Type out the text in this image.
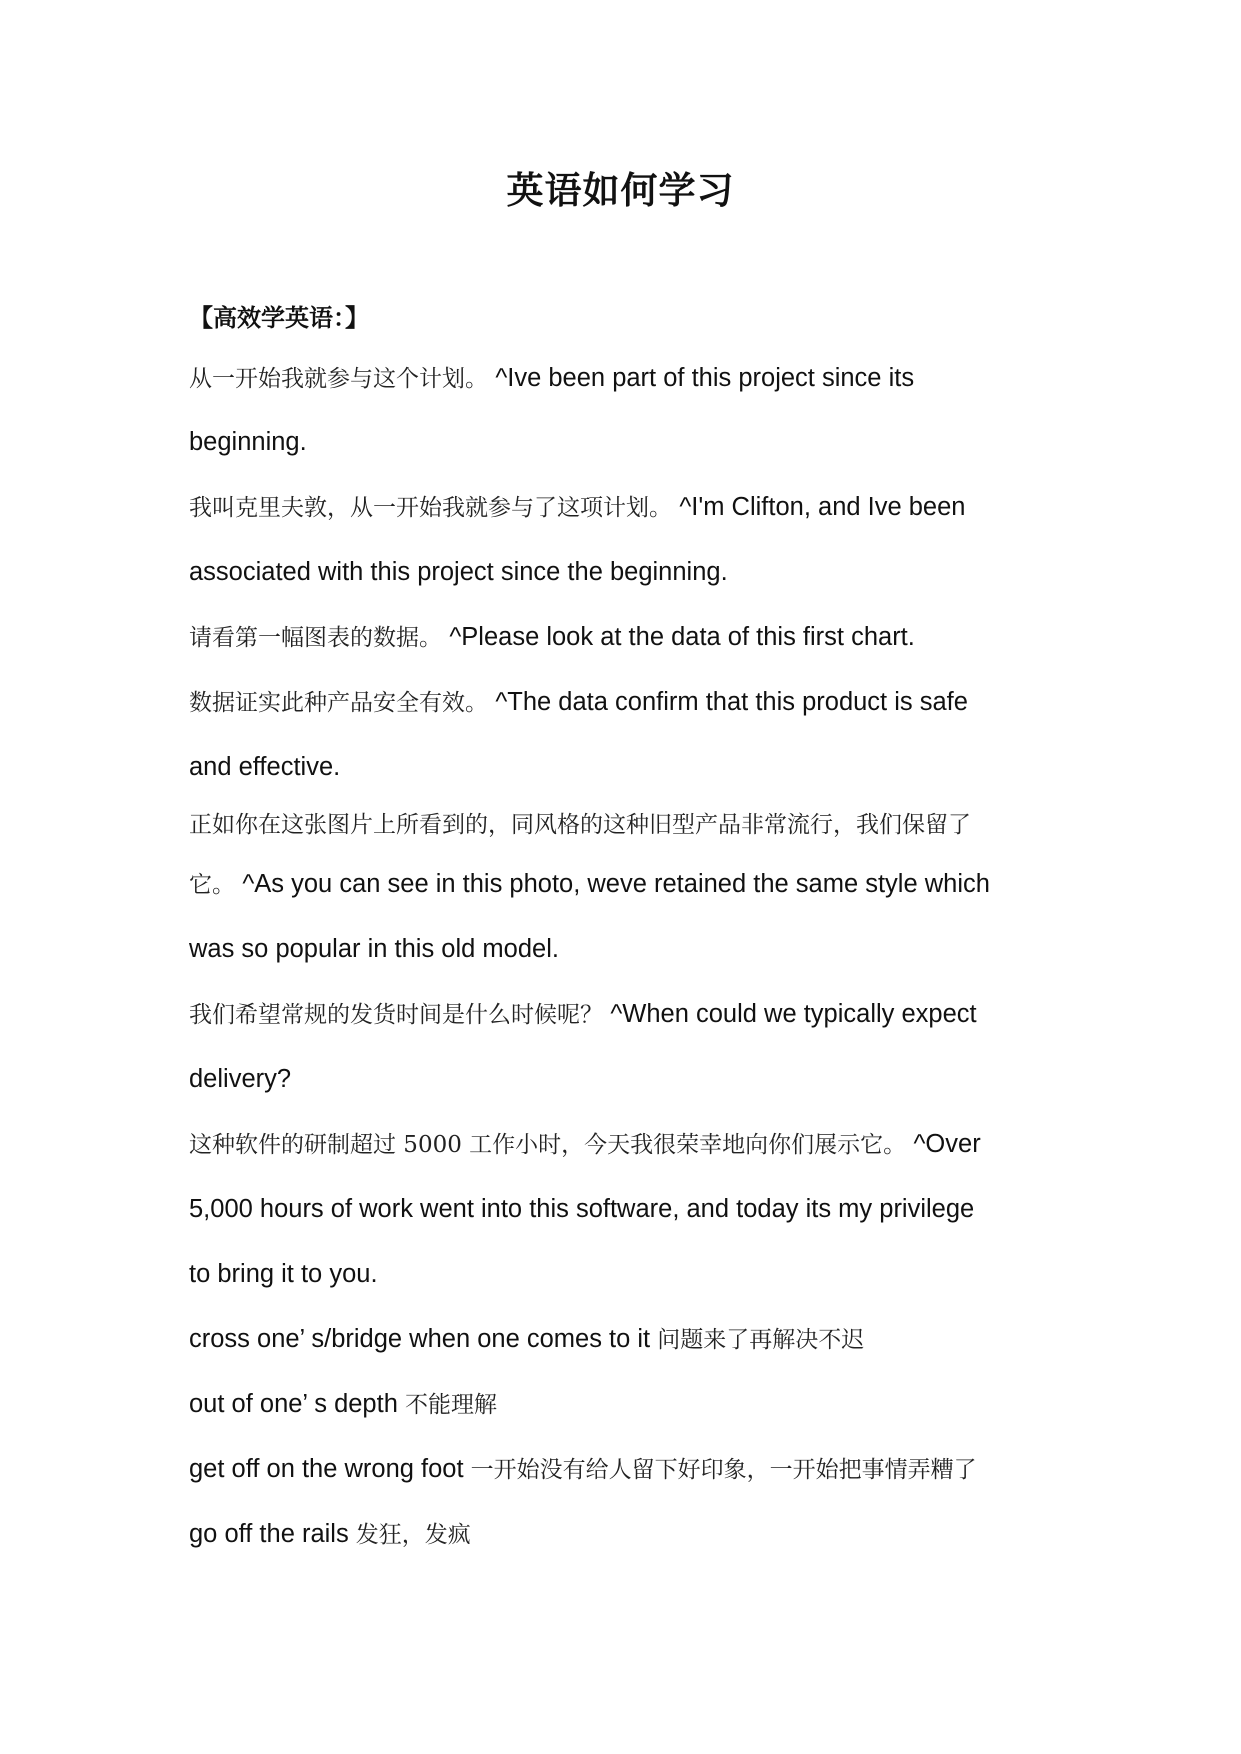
英语如何学习
【高效学英语：】
从一开始我就参与这个计划。 ^Ive been part of this project since its
beginning.
我叫克里夫敦，从一开始我就参与了这项计划。 ^I'm Clifton, and Ive been
associated with this project since the beginning.
请看第一幅图表的数据。 ^Please look at the data of this first chart.
数据证实此种产品安全有效。 ^The data confirm that this product is safe
and effective.
正如你在这张图片上所看到的，同风格的这种旧型产品非常流行，我们保留了
它。 ^As you can see in this photo, weve retained the same style which
was so popular in this old model.
我们希望常规的发货时间是什么时候呢？ ^When could we typically expect
delivery?
这种软件的研制超过 5000 工作小时，今天我很荣幸地向你们展示它。 ^Over
5,000 hours of work went into this software, and today its my privilege
to bring it to you.
cross one’ s/bridge when one comes to it 问题来了再解决不迟
out of one’ s depth 不能理解
get off on the wrong foot 一开始没有给人留下好印象，一开始把事情弄糟了
go off the rails 发狂，发疯
